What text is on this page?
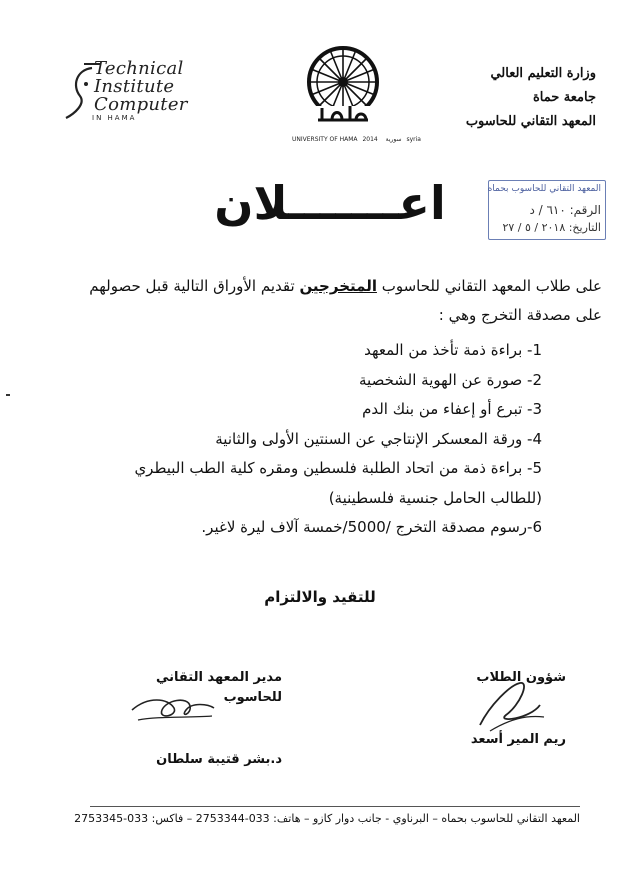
وزارة التعليم العالي
جامعة حماة
المعهد التقاني للحاسوب
Technical
Institute
Computer
IN HAMA
UNIVERSITY OF HAMA	سورية 2014	syria
المعهد التقاني للحاسوب بحماه
الرقم: ٦١٠ / د
التاريخ: ٢٠١٨ / ٥ / ٢٧
اعـــــــلان

على طلاب المعهد التقاني للحاسوب المتخرجين تقديم الأوراق التالية قبل حصولهم

على مصدقة التخرج وهي :

1- براءة ذمة تأخذ من المعهد
2- صورة عن الهوية الشخصية
3- تبرع أو إعفاء من بنك الدم
4- ورقة المعسكر الإنتاجي عن السنتين الأولى والثانية
5- براءة ذمة من اتحاد الطلبة فلسطين ومقره كلية الطب البيطري
(للطالب الحامل جنسية فلسطينية)
6-رسوم مصدقة التخرج /5000/خمسة آلاف ليرة لاغير.
للتقيد والالتزام
شؤون الطلاب
ريم المير أسعد
مدير المعهد التقاني للحاسوب
د.بشر قتيبة سلطان
المعهد التقاني للحاسوب بحماه – البرناوي - جانب دوار كازو – هاتف: 033-2753344 – فاكس: 033-2753345
